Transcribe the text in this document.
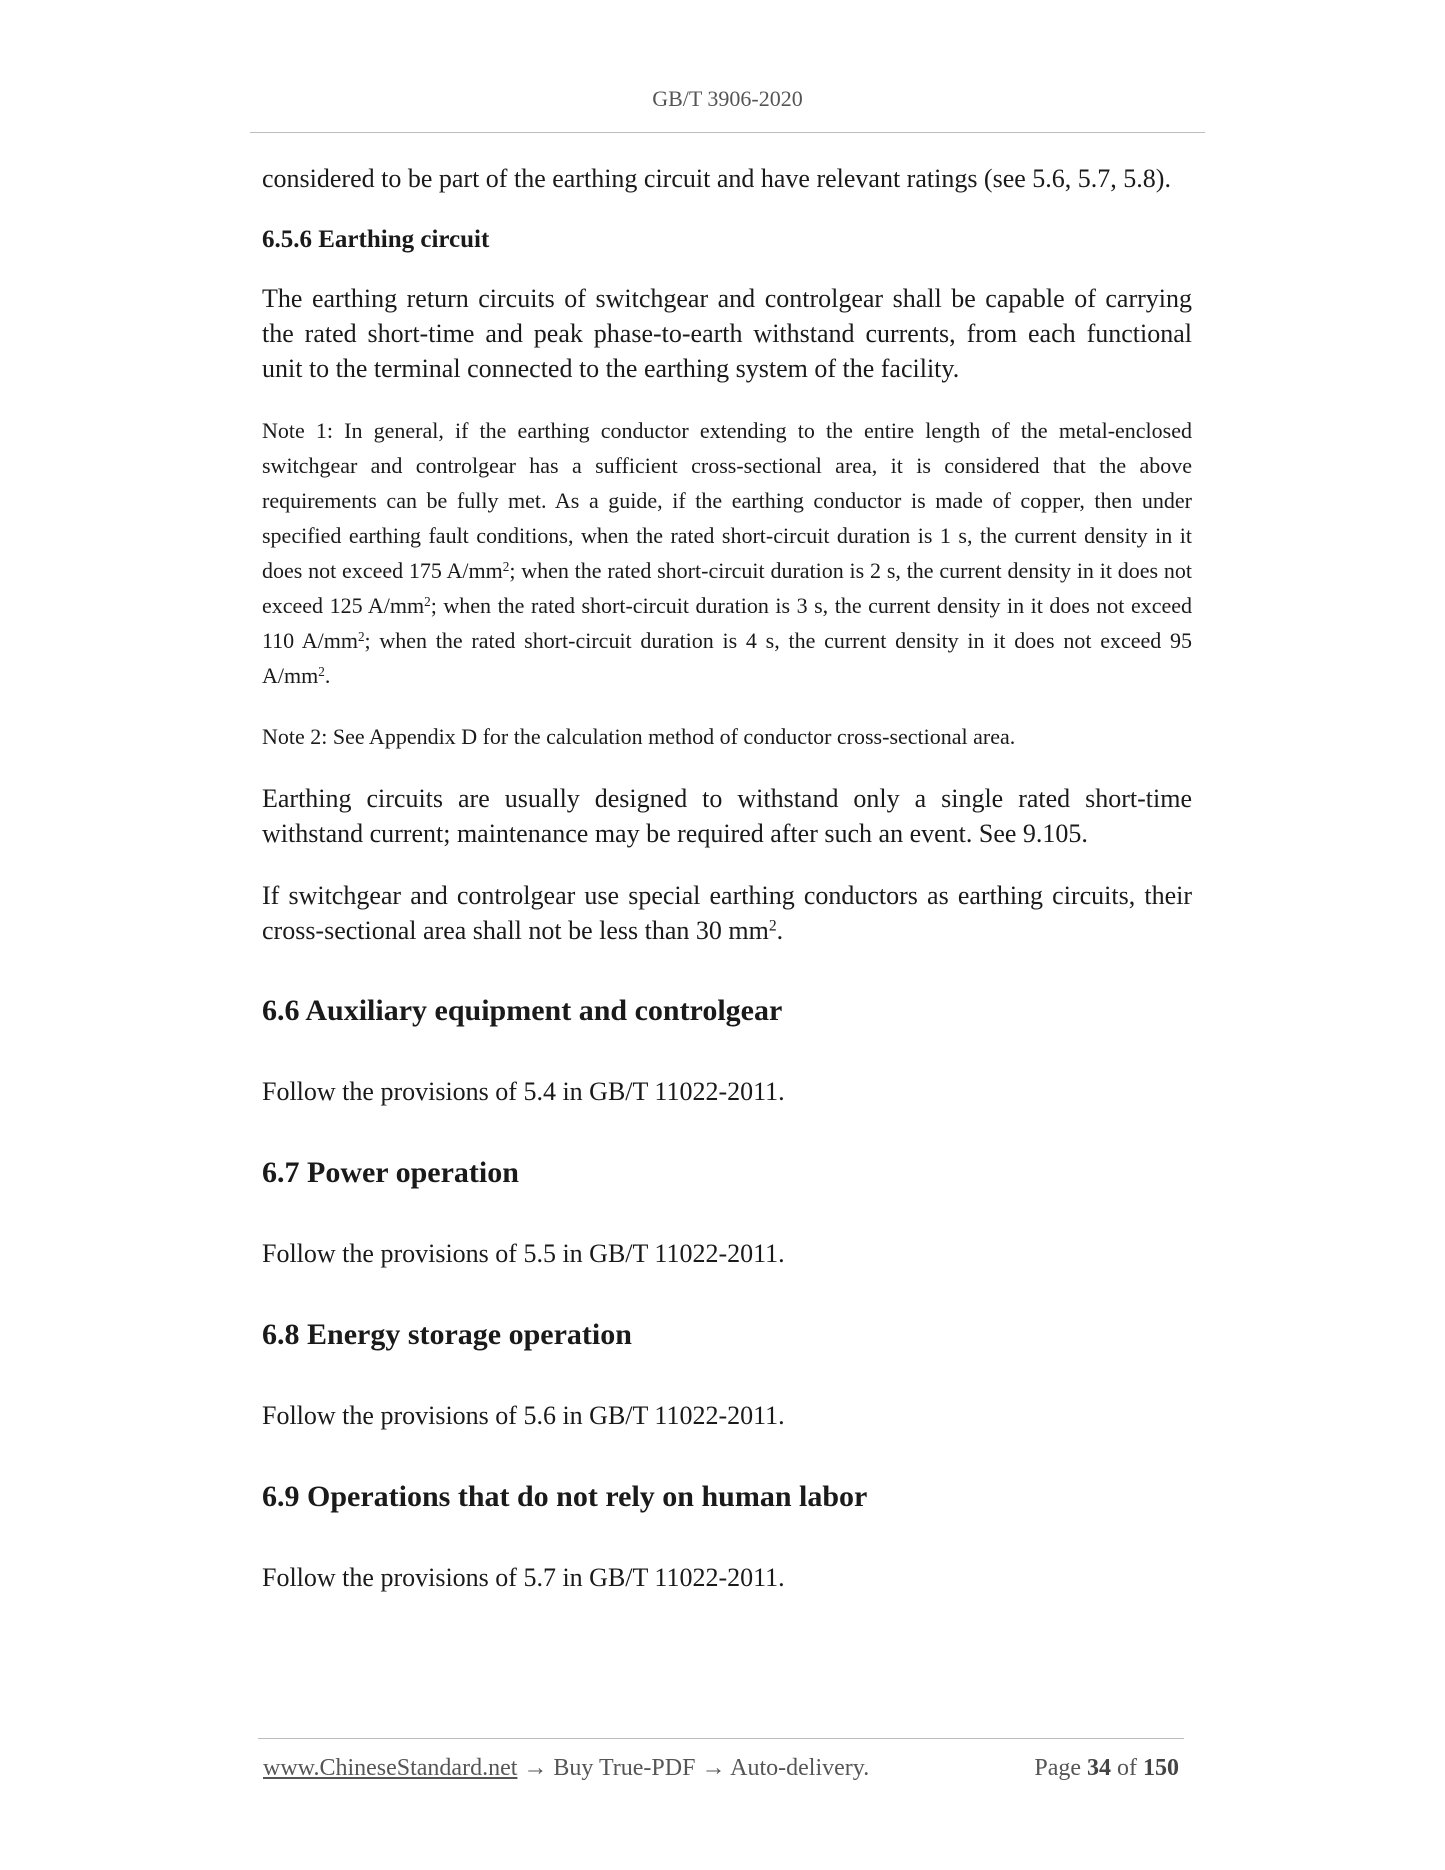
GB/T 3906-2020

considered to be part of the earthing circuit and have relevant ratings (see 5.6, 5.7, 5.8).

6.5.6 Earthing circuit

The earthing return circuits of switchgear and controlgear shall be capable of carrying the rated short-time and peak phase-to-earth withstand currents, from each functional unit to the terminal connected to the earthing system of the facility.

Note 1: In general, if the earthing conductor extending to the entire length of the metal-enclosed switchgear and controlgear has a sufficient cross-sectional area, it is considered that the above requirements can be fully met. As a guide, if the earthing conductor is made of copper, then under specified earthing fault conditions, when the rated short-circuit duration is 1 s, the current density in it does not exceed 175 $A/mm^2$; when the rated short-circuit duration is 2 s, the current density in it does not exceed 125 $A/mm^2$; when the rated short-circuit duration is 3 s, the current density in it does not exceed 110 $A/mm^2$; when the rated short-circuit duration is 4 s, the current density in it does not exceed 95 $A/mm^2$.

Note 2: See Appendix D for the calculation method of conductor cross-sectional area.

Earthing circuits are usually designed to withstand only a single rated short-time withstand current; maintenance may be required after such an event. See 9.105.

If switchgear and controlgear use special earthing conductors as earthing circuits, their cross-sectional area shall not be less than 30 $mm^2$.

6.6 Auxiliary equipment and controlgear

Follow the provisions of 5.4 in GB/T 11022-2011.

6.7 Power operation

Follow the provisions of 5.5 in GB/T 11022-2011.

6.8 Energy storage operation

Follow the provisions of 5.6 in GB/T 11022-2011.

6.9 Operations that do not rely on human labor

Follow the provisions of 5.7 in GB/T 11022-2011.

www.ChineseStandard.net → Buy True-PDF → Auto-delivery.	Page 34 of 150
